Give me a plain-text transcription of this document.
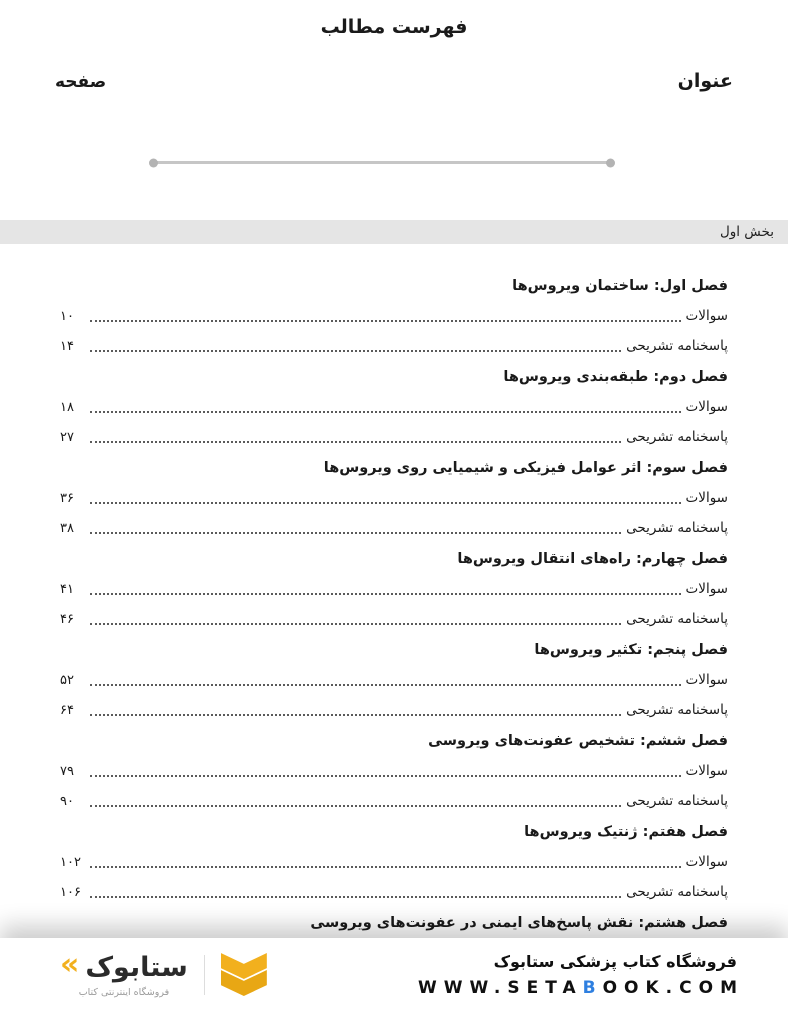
فهرست مطالب
عنوان
صفحه
بخش اول
فصل اول: ساختمان ویروس‌ها
سوالات
۱۰
پاسخنامه تشریحی
۱۴
فصل دوم: طبقه‌بندی ویروس‌ها
سوالات
۱۸
پاسخنامه تشریحی
۲۷
فصل سوم: اثر عوامل فیزیکی و شیمیایی روی ویروس‌ها
سوالات
۳۶
پاسخنامه تشریحی
۳۸
فصل چهارم: راه‌های انتقال ویروس‌ها
سوالات
۴۱
پاسخنامه تشریحی
۴۶
فصل پنجم: تکثیر ویروس‌ها
سوالات
۵۲
پاسخنامه تشریحی
۶۴
فصل ششم: تشخیص عفونت‌های ویروسی
سوالات
۷۹
پاسخنامه تشریحی
۹۰
فصل هفتم: ژنتیک ویروس‌ها
سوالات
۱۰۲
پاسخنامه تشریحی
۱۰۶
فصل هشتم: نقش پاسخ‌های ایمنی در عفونت‌های ویروسی
فروشگاه کتاب پزشکی ستابوک
WWW.SETABOOK.COM
« ستابوک
فروشگاه اینترنتی کتاب
